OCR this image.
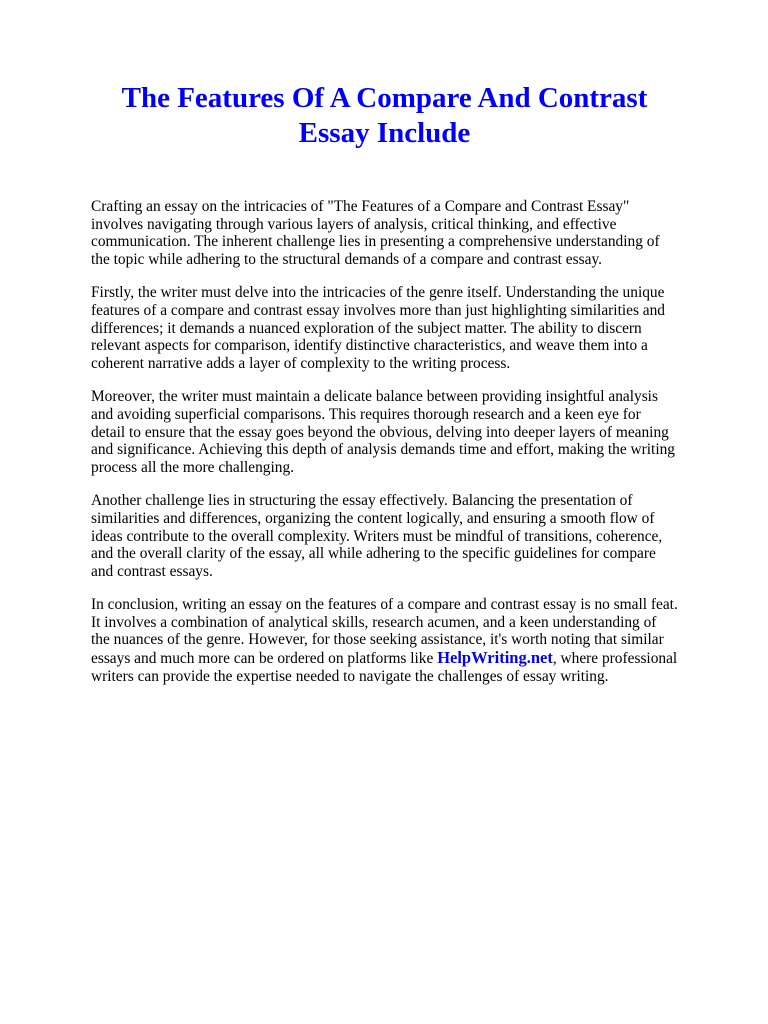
The Features Of A Compare And Contrast Essay Include

Crafting an essay on the intricacies of "The Features of a Compare and Contrast Essay" involves navigating through various layers of analysis, critical thinking, and effective communication. The inherent challenge lies in presenting a comprehensive understanding of the topic while adhering to the structural demands of a compare and contrast essay.

Firstly, the writer must delve into the intricacies of the genre itself. Understanding the unique features of a compare and contrast essay involves more than just highlighting similarities and differences; it demands a nuanced exploration of the subject matter. The ability to discern relevant aspects for comparison, identify distinctive characteristics, and weave them into a coherent narrative adds a layer of complexity to the writing process.

Moreover, the writer must maintain a delicate balance between providing insightful analysis and avoiding superficial comparisons. This requires thorough research and a keen eye for detail to ensure that the essay goes beyond the obvious, delving into deeper layers of meaning and significance. Achieving this depth of analysis demands time and effort, making the writing process all the more challenging.

Another challenge lies in structuring the essay effectively. Balancing the presentation of similarities and differences, organizing the content logically, and ensuring a smooth flow of ideas contribute to the overall complexity. Writers must be mindful of transitions, coherence, and the overall clarity of the essay, all while adhering to the specific guidelines for compare and contrast essays.

In conclusion, writing an essay on the features of a compare and contrast essay is no small feat. It involves a combination of analytical skills, research acumen, and a keen understanding of the nuances of the genre. However, for those seeking assistance, it's worth noting that similar essays and much more can be ordered on platforms like HelpWriting.net, where professional writers can provide the expertise needed to navigate the challenges of essay writing.
